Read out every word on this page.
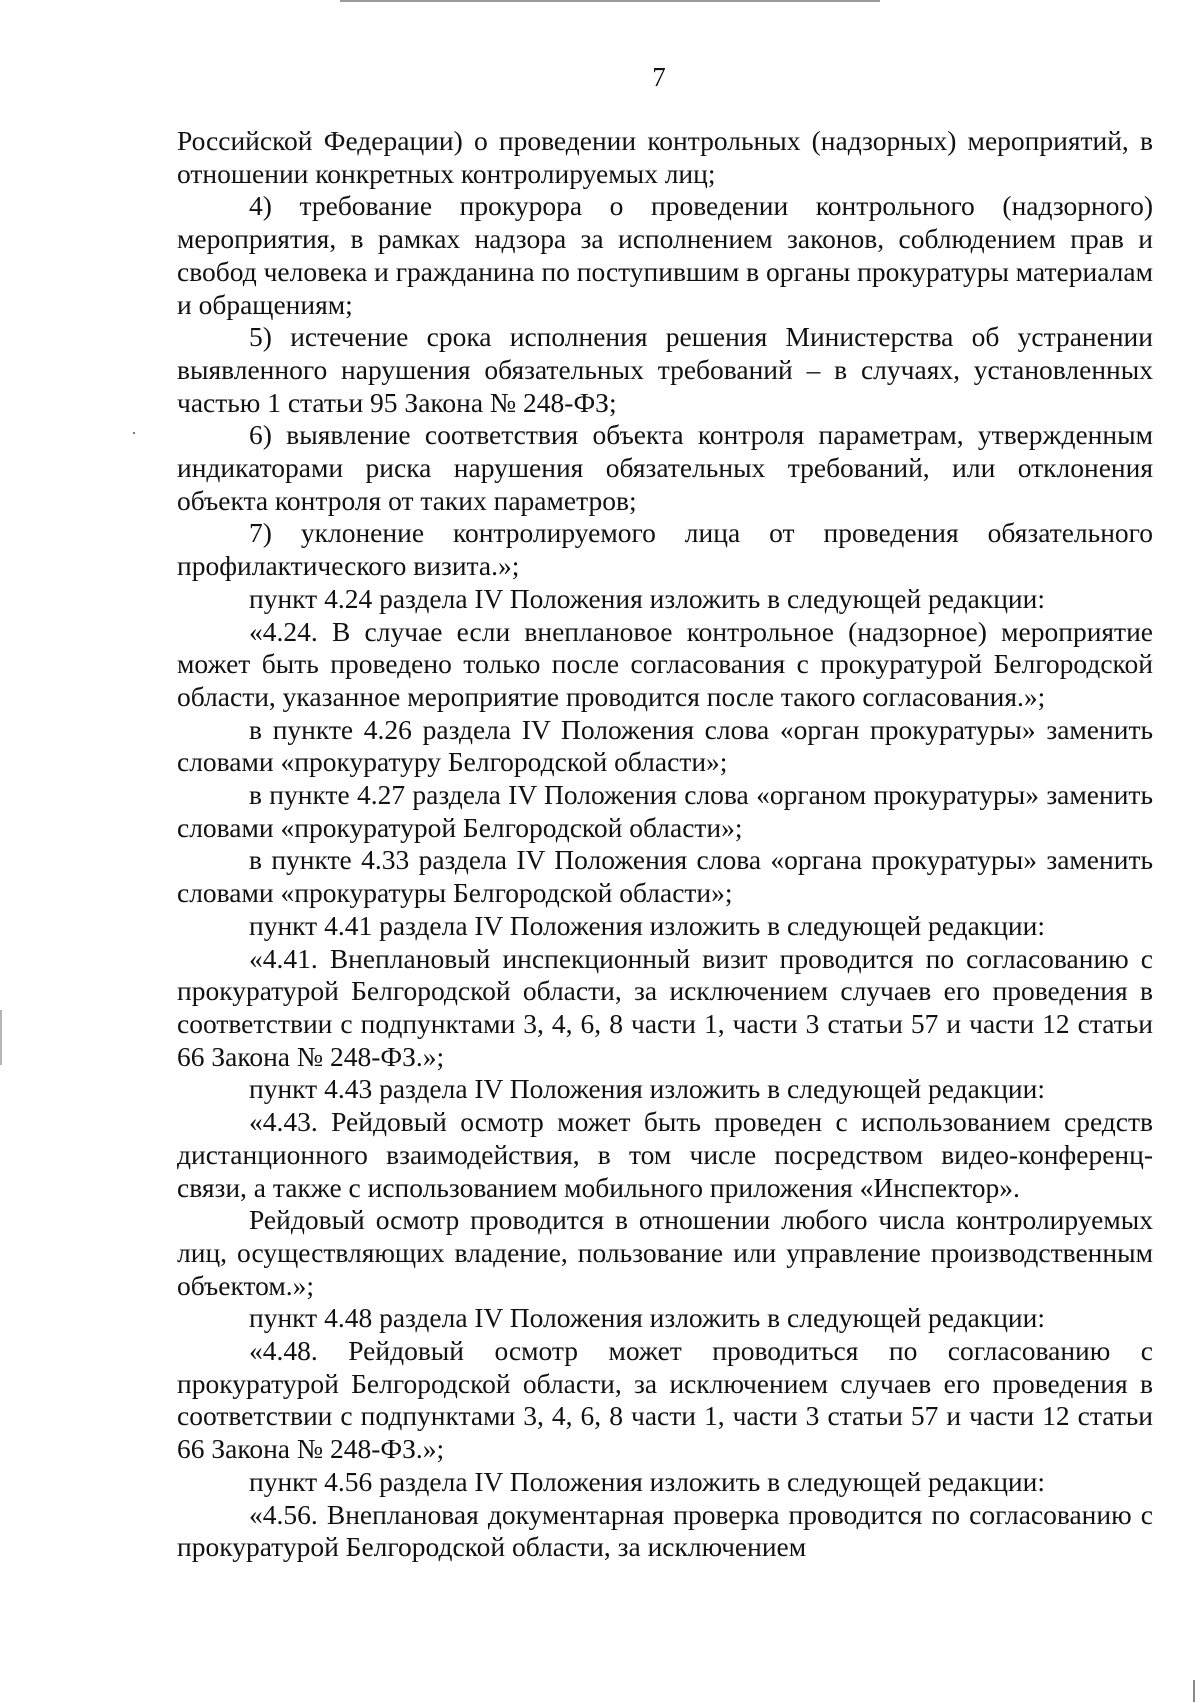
7

Российской Федерации) о проведении контрольных (надзорных) мероприятий, в отношении конкретных контролируемых лиц;

4) требование прокурора о проведении контрольного (надзорного) мероприятия, в рамках надзора за исполнением законов, соблюдением прав и свобод человека и гражданина по поступившим в органы прокуратуры материалам и обращениям;

5) истечение срока исполнения решения Министерства об устранении выявленного нарушения обязательных требований – в случаях, установленных частью 1 статьи 95 Закона № 248-ФЗ;

6) выявление соответствия объекта контроля параметрам, утвержденным индикаторами риска нарушения обязательных требований, или отклонения объекта контроля от таких параметров;

7) уклонение контролируемого лица от проведения обязательного профилактического визита.»;

пункт 4.24 раздела IV Положения изложить в следующей редакции:

«4.24. В случае если внеплановое контрольное (надзорное) мероприятие может быть проведено только после согласования с прокуратурой Белгородской области, указанное мероприятие проводится после такого согласования.»;

в пункте 4.26 раздела IV Положения слова «орган прокуратуры» заменить словами «прокуратуру Белгородской области»;

в пункте 4.27 раздела IV Положения слова «органом прокуратуры» заменить словами «прокуратурой Белгородской области»;

в пункте 4.33 раздела IV Положения слова «органа прокуратуры» заменить словами «прокуратуры Белгородской области»;

пункт 4.41 раздела IV Положения изложить в следующей редакции:

«4.41. Внеплановый инспекционный визит проводится по согласованию с прокуратурой Белгородской области, за исключением случаев его проведения в соответствии с подпунктами 3, 4, 6, 8 части 1, части 3 статьи 57 и части 12 статьи 66 Закона № 248-ФЗ.»;

пункт 4.43 раздела IV Положения изложить в следующей редакции:

«4.43. Рейдовый осмотр может быть проведен с использованием средств дистанционного взаимодействия, в том числе посредством видео-конференц-связи, а также с использованием мобильного приложения «Инспектор».

Рейдовый осмотр проводится в отношении любого числа контролируемых лиц, осуществляющих владение, пользование или управление производственным объектом.»;

пункт 4.48 раздела IV Положения изложить в следующей редакции:

«4.48. Рейдовый осмотр может проводиться по согласованию с прокуратурой Белгородской области, за исключением случаев его проведения в соответствии с подпунктами 3, 4, 6, 8 части 1, части 3 статьи 57 и части 12 статьи 66 Закона № 248-ФЗ.»;

пункт 4.56 раздела IV Положения изложить в следующей редакции:

«4.56. Внеплановая документарная проверка проводится по согласованию с прокуратурой Белгородской области, за исключением
